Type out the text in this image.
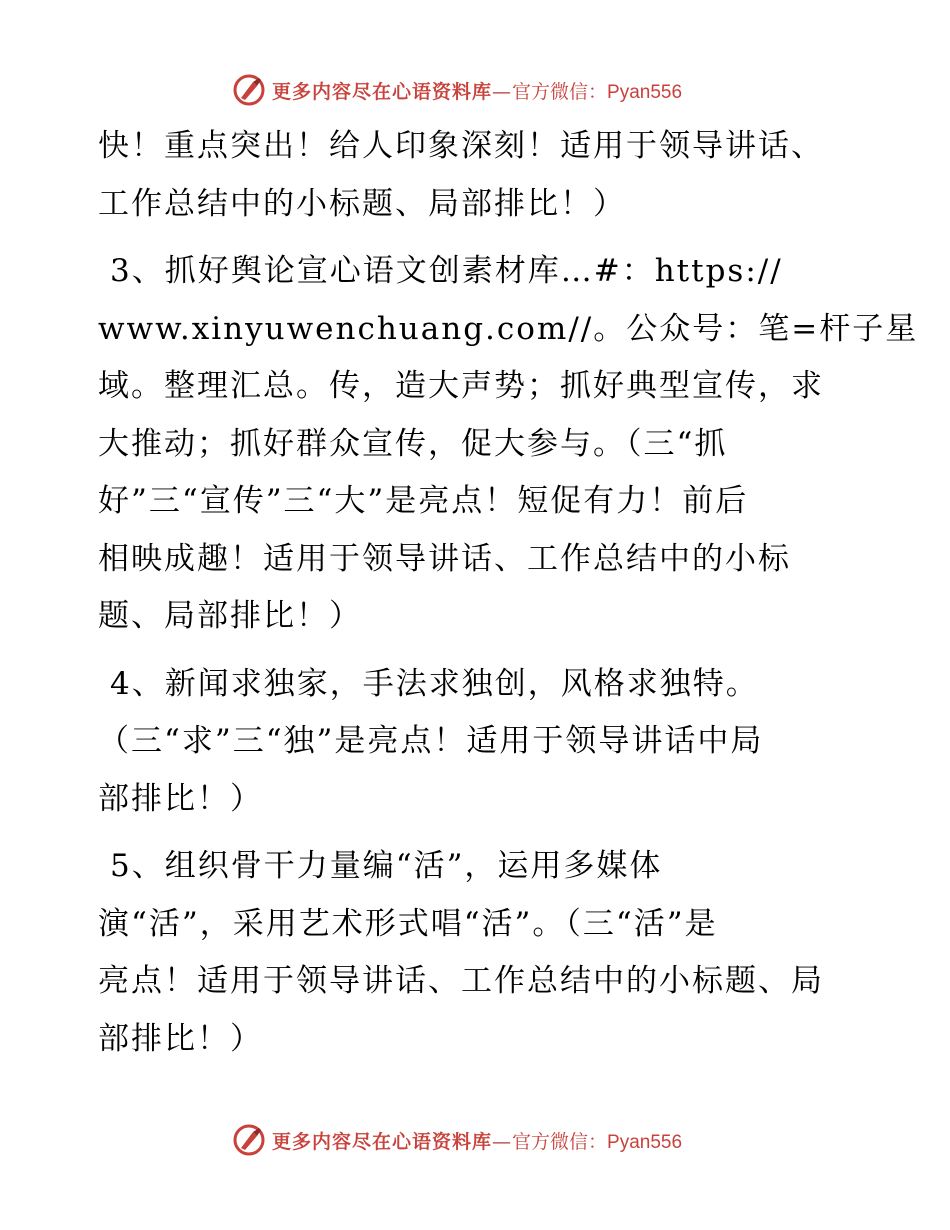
更多内容尽在心语资料库—官方微信：Pyan556
快！重点突出！给人印象深刻！适用于领导讲话、
工作总结中的小标题、局部排比！）
3、抓好舆论宣心语文创素材库…#：https://
www.xinyuwenchuang.com//。公众号：笔=杆子星
域。整理汇总。传，造大声势；抓好典型宣传，求
大推动；抓好群众宣传，促大参与。（三“抓
好”三“宣传”三“大”是亮点！短促有力！前后
相映成趣！适用于领导讲话、工作总结中的小标
题、局部排比！）
4、新闻求独家，手法求独创，风格求独特。
（三“求”三“独”是亮点！适用于领导讲话中局
部排比！）
5、组织骨干力量编“活”，运用多媒体
演“活”，采用艺术形式唱“活”。（三“活”是
亮点！适用于领导讲话、工作总结中的小标题、局
部排比！）
更多内容尽在心语资料库—官方微信：Pyan556
